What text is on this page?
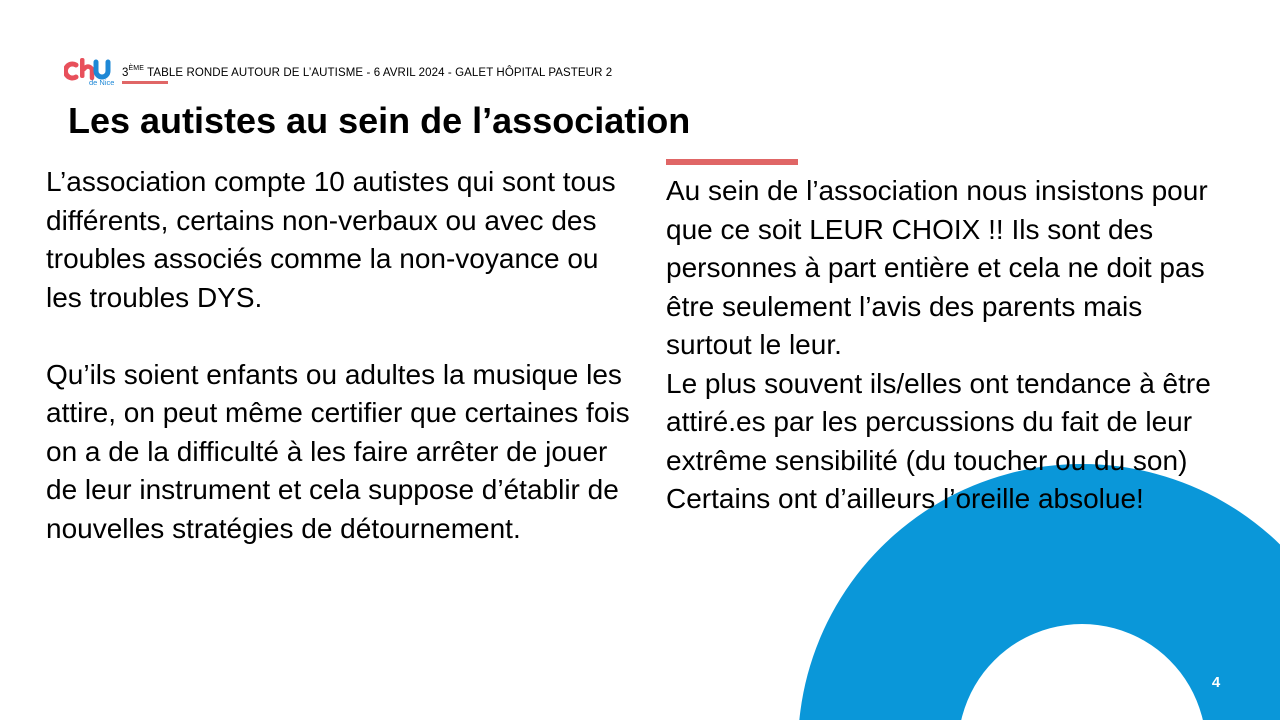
de Nice
3ÈME TABLE RONDE AUTOUR DE L’AUTISME - 6 AVRIL 2024 - GALET HÔPITAL PASTEUR 2
Les autistes au sein de l’association

L’association compte 10 autistes qui sont tous différents, certains non-verbaux ou avec des troubles associés comme la non-voyance ou les troubles DYS.

Qu’ils soient enfants ou adultes la musique les attire, on peut même certifier que certaines fois on a de la difficulté à les faire arrêter de jouer de leur instrument et cela suppose d’établir de nouvelles stratégies de détournement.

Au sein de l’association nous insistons pour que ce soit LEUR CHOIX !! Ils sont des personnes à part entière et cela ne doit pas être seulement l’avis des parents mais surtout le leur.

Le plus souvent ils/elles ont tendance à être attiré.es par les percussions du fait de leur extrême sensibilité (du toucher ou du son)

Certains ont d’ailleurs l’oreille absolue!

4
